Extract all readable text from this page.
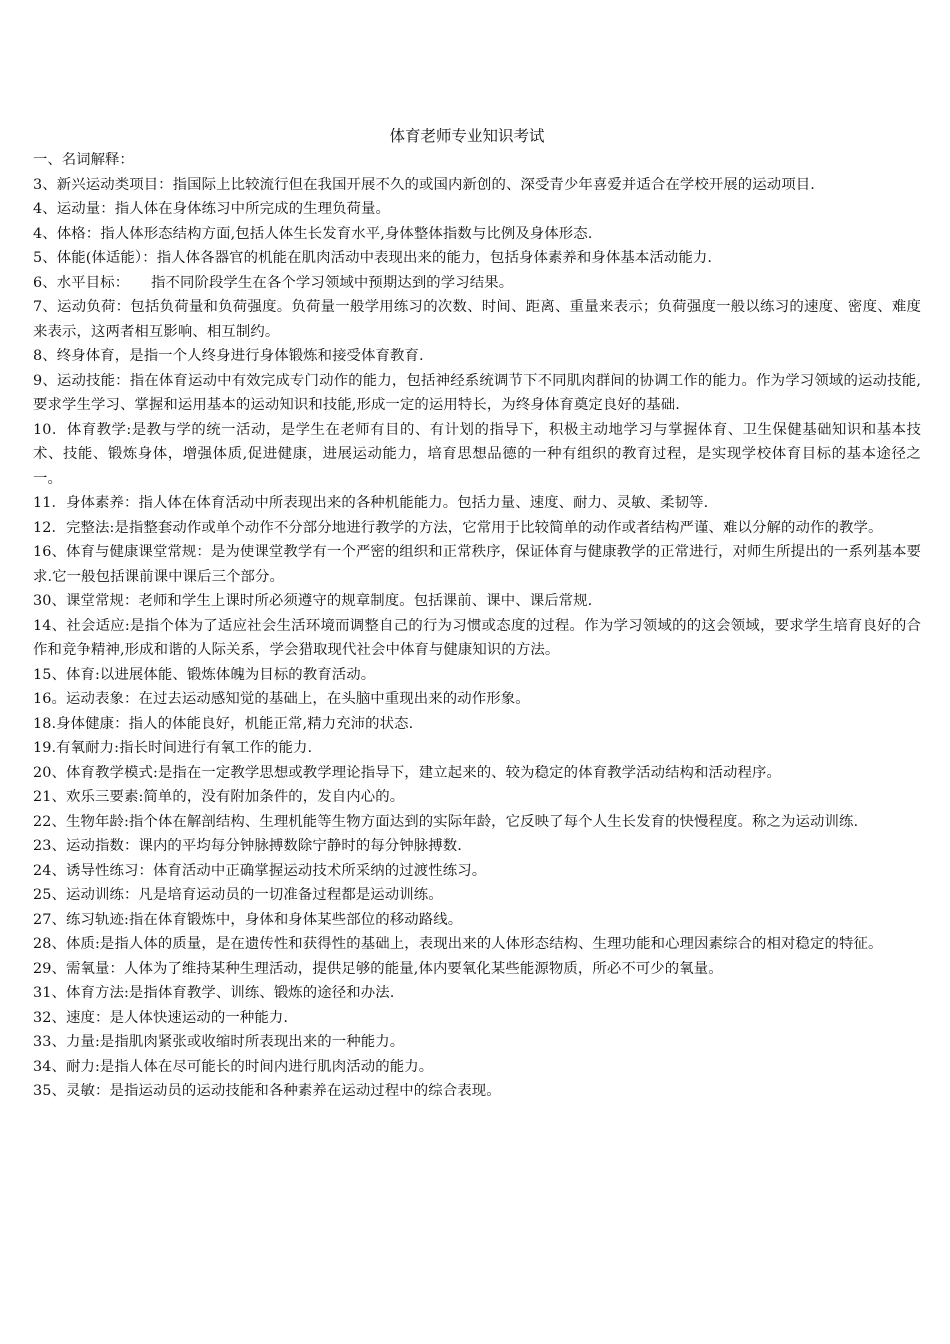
体育老师专业知识考试

一、名词解释：

3、新兴运动类项目：指国际上比较流行但在我国开展不久的或国内新创的、深受青少年喜爱并适合在学校开展的运动项目.

4、运动量：指人体在身体练习中所完成的生理负荷量。

4、体格：指人体形态结构方面,包括人体生长发育水平,身体整体指数与比例及身体形态.

5、体能(体适能）：指人体各器官的机能在肌肉活动中表现出来的能力，包括身体素养和身体基本活动能力.

6、水平目标：　　指不同阶段学生在各个学习领域中预期达到的学习结果。

7、运动负荷：包括负荷量和负荷强度。负荷量一般学用练习的次数、时间、距离、重量来表示；负荷强度一般以练习的速度、密度、难度来表示，这两者相互影响、相互制约。

8、终身体育，是指一个人终身进行身体锻炼和接受体育教育.

9、运动技能：指在体育运动中有效完成专门动作的能力，包括神经系统调节下不同肌肉群间的协调工作的能力。作为学习领域的运动技能,要求学生学习、掌握和运用基本的运动知识和技能,形成一定的运用特长，为终身体育奠定良好的基础.

10．体育教学:是教与学的统一活动，是学生在老师有目的、有计划的指导下，积极主动地学习与掌握体育、卫生保健基础知识和基本技术、技能、锻炼身体，增强体质,促进健康，进展运动能力，培育思想品德的一种有组织的教育过程，是实现学校体育目标的基本途径之一。

11．身体素养：指人体在体育活动中所表现出来的各种机能能力。包括力量、速度、耐力、灵敏、柔韧等.

12．完整法:是指整套动作或单个动作不分部分地进行教学的方法，它常用于比较简单的动作或者结构严谨、难以分解的动作的教学。

16、体育与健康课堂常规：是为使课堂教学有一个严密的组织和正常秩序，保证体育与健康教学的正常进行，对师生所提出的一系列基本要求.它一般包括课前课中课后三个部分。

30、课堂常规：老师和学生上课时所必须遵守的规章制度。包括课前、课中、课后常规.

14、社会适应:是指个体为了适应社会生活环境而调整自己的行为习惯或态度的过程。作为学习领域的的这会领域，要求学生培育良好的合作和竞争精神,形成和谐的人际关系，学会猎取现代社会中体育与健康知识的方法。

15、体育:以进展体能、锻炼体魄为目标的教育活动。

16。运动表象：在过去运动感知觉的基础上，在头脑中重现出来的动作形象。

18.身体健康：指人的体能良好，机能正常,精力充沛的状态.

19.有氧耐力:指长时间进行有氧工作的能力.

20、体育教学模式:是指在一定教学思想或教学理论指导下，建立起来的、较为稳定的体育教学活动结构和活动程序。

21、欢乐三要素:简单的，没有附加条件的，发自内心的。

22、生物年龄:指个体在解剖结构、生理机能等生物方面达到的实际年龄，它反映了每个人生长发育的快慢程度。称之为运动训练.

23、运动指数：课内的平均每分钟脉搏数除宁静时的每分钟脉搏数.

24、诱导性练习：体育活动中正确掌握运动技术所采纳的过渡性练习。

25、运动训练：凡是培育运动员的一切准备过程都是运动训练。

27、练习轨迹:指在体育锻炼中，身体和身体某些部位的移动路线。

28、体质:是指人体的质量，是在遗传性和获得性的基础上，表现出来的人体形态结构、生理功能和心理因素综合的相对稳定的特征。

29、需氧量：人体为了维持某种生理活动，提供足够的能量,体内要氧化某些能源物质，所必不可少的氧量。

31、体育方法:是指体育教学、训练、锻炼的途径和办法.

32、速度：是人体快速运动的一种能力.

33、力量:是指肌肉紧张或收缩时所表现出来的一种能力。

34、耐力:是指人体在尽可能长的时间内进行肌肉活动的能力。

35、灵敏：是指运动员的运动技能和各种素养在运动过程中的综合表现。
